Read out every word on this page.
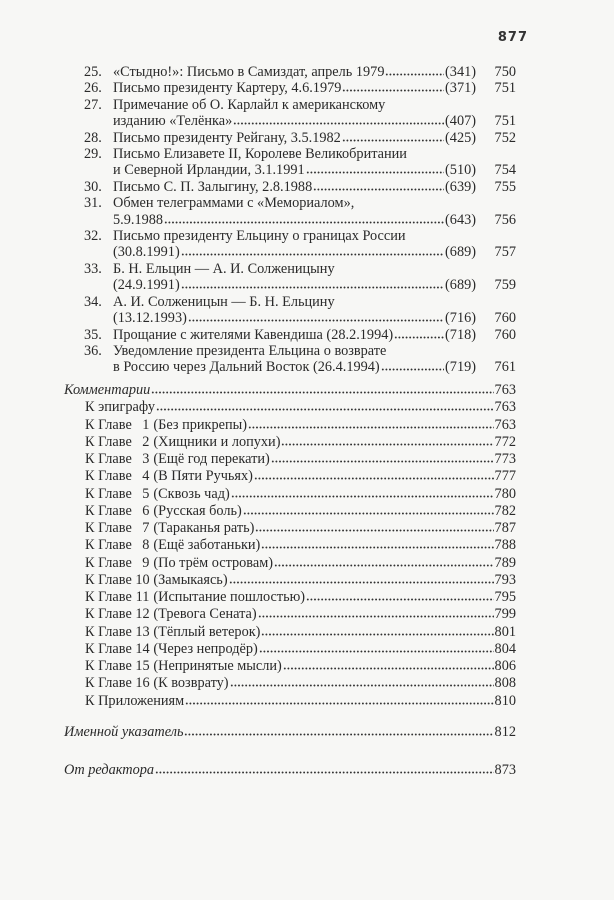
877
25. «Стыдно!»: Письмо в Самиздат, апрель 1979	(341)	750
26. Письмо президенту Картеру, 4.6.1979	(371)	751
27. Примечание об О. Карлайл к американскому
изданию «Телёнка»	(407)	751
28. Письмо президенту Рейгану, 3.5.1982	(425)	752
29. Письмо Елизавете II, Королеве Великобритании
и Северной Ирландии, 3.1.1991	(510)	754
30. Письмо С. П. Залыгину, 2.8.1988	(639)	755
31. Обмен телеграммами с «Мемориалом»,
5.9.1988	(643)	756
32. Письмо президенту Ельцину о границах России
(30.8.1991)	(689)	757
33. Б. Н. Ельцин — А. И. Солженицыну
(24.9.1991)	(689)	759
34. А. И. Солженицын — Б. Н. Ельцину
(13.12.1993)	(716)	760
35. Прощание с жителями Кавендиша (28.2.1994)	(718)	760
36. Уведомление президента Ельцина о возврате
в Россию через Дальний Восток (26.4.1994)	(719)	761
Комментарии	763
К эпиграфу	763
К Главе 1 (Без прикрепы)	763
К Главе 2 (Хищники и лопухи)	772
К Главе 3 (Ещё год перекати)	773
К Главе 4 (В Пяти Ручьях)	777
К Главе 5 (Сквозь чад)	780
К Главе 6 (Русская боль)	782
К Главе 7 (Тараканья рать)	787
К Главе 8 (Ещё заботаньки)	788
К Главе 9 (По трём островам)	789
К Главе 10 (Замыкаясь)	793
К Главе 11 (Испытание пошлостью)	795
К Главе 12 (Тревога Сената)	799
К Главе 13 (Тёплый ветерок)	801
К Главе 14 (Через непродёр)	804
К Главе 15 (Непринятые мысли)	806
К Главе 16 (К возврату)	808
К Приложениям	810
Именной указатель	812
От редактора	873
